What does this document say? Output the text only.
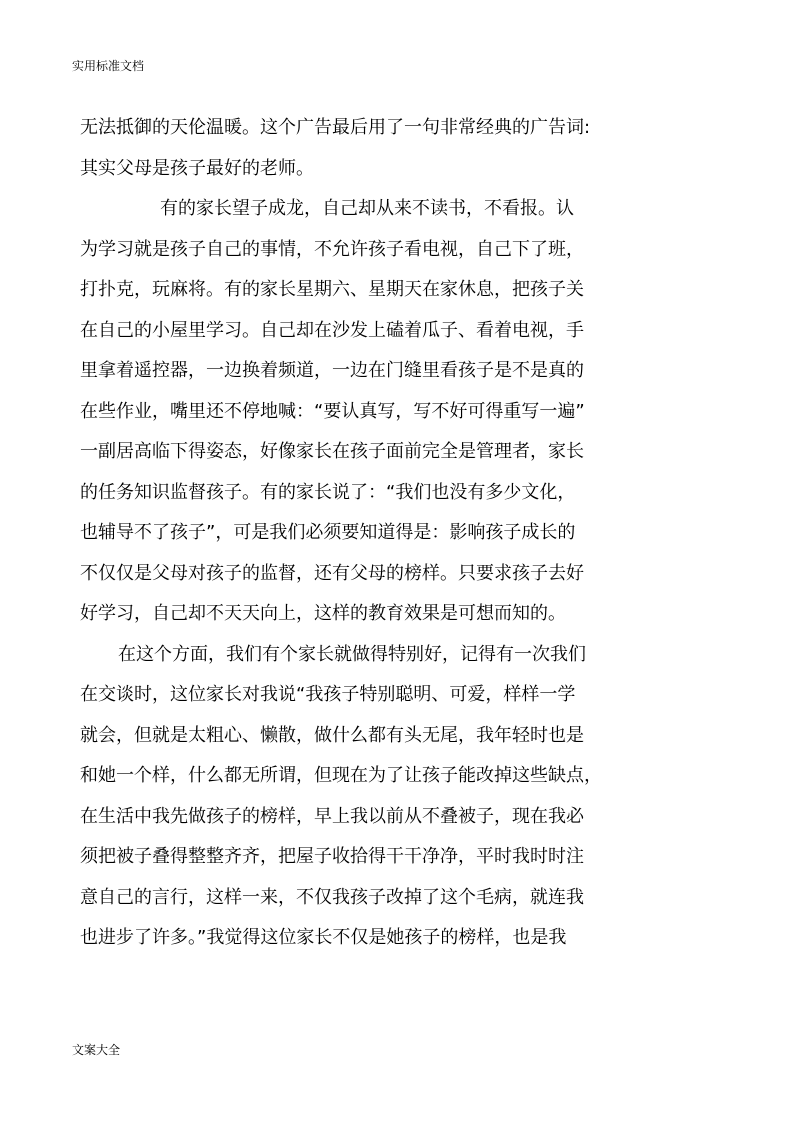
实用标准文档
无法抵御的天伦温暖。这个广告最后用了一句非常经典的广告词:
其实父母是孩子最好的老师。
有的家长望子成龙，自己却从来不读书，不看报。认
为学习就是孩子自己的事情，不允许孩子看电视，自己下了班，
打扑克，玩麻将。有的家长星期六、星期天在家休息，把孩子关
在自己的小屋里学习。自己却在沙发上磕着瓜子、看着电视，手
里拿着遥控器，一边换着频道，一边在门缝里看孩子是不是真的
在些作业，嘴里还不停地喊：“要认真写，写不好可得重写一遍”
一副居高临下得姿态，好像家长在孩子面前完全是管理者，家长
的任务知识监督孩子。有的家长说了：“我们也没有多少文化，
也辅导不了孩子”，可是我们必须要知道得是：影响孩子成长的
不仅仅是父母对孩子的监督，还有父母的榜样。只要求孩子去好
好学习，自己却不天天向上，这样的教育效果是可想而知的。
在这个方面，我们有个家长就做得特别好，记得有一次我们
在交谈时，这位家长对我说“我孩子特别聪明、可爱，样样一学
就会，但就是太粗心、懒散，做什么都有头无尾，我年轻时也是
和她一个样，什么都无所谓，但现在为了让孩子能改掉这些缺点，
在生活中我先做孩子的榜样，早上我以前从不叠被子，现在我必
须把被子叠得整整齐齐，把屋子收拾得干干净净，平时我时时注
意自己的言行，这样一来，不仅我孩子改掉了这个毛病，就连我
也进步了许多。”我觉得这位家长不仅是她孩子的榜样，也是我
文案大全
